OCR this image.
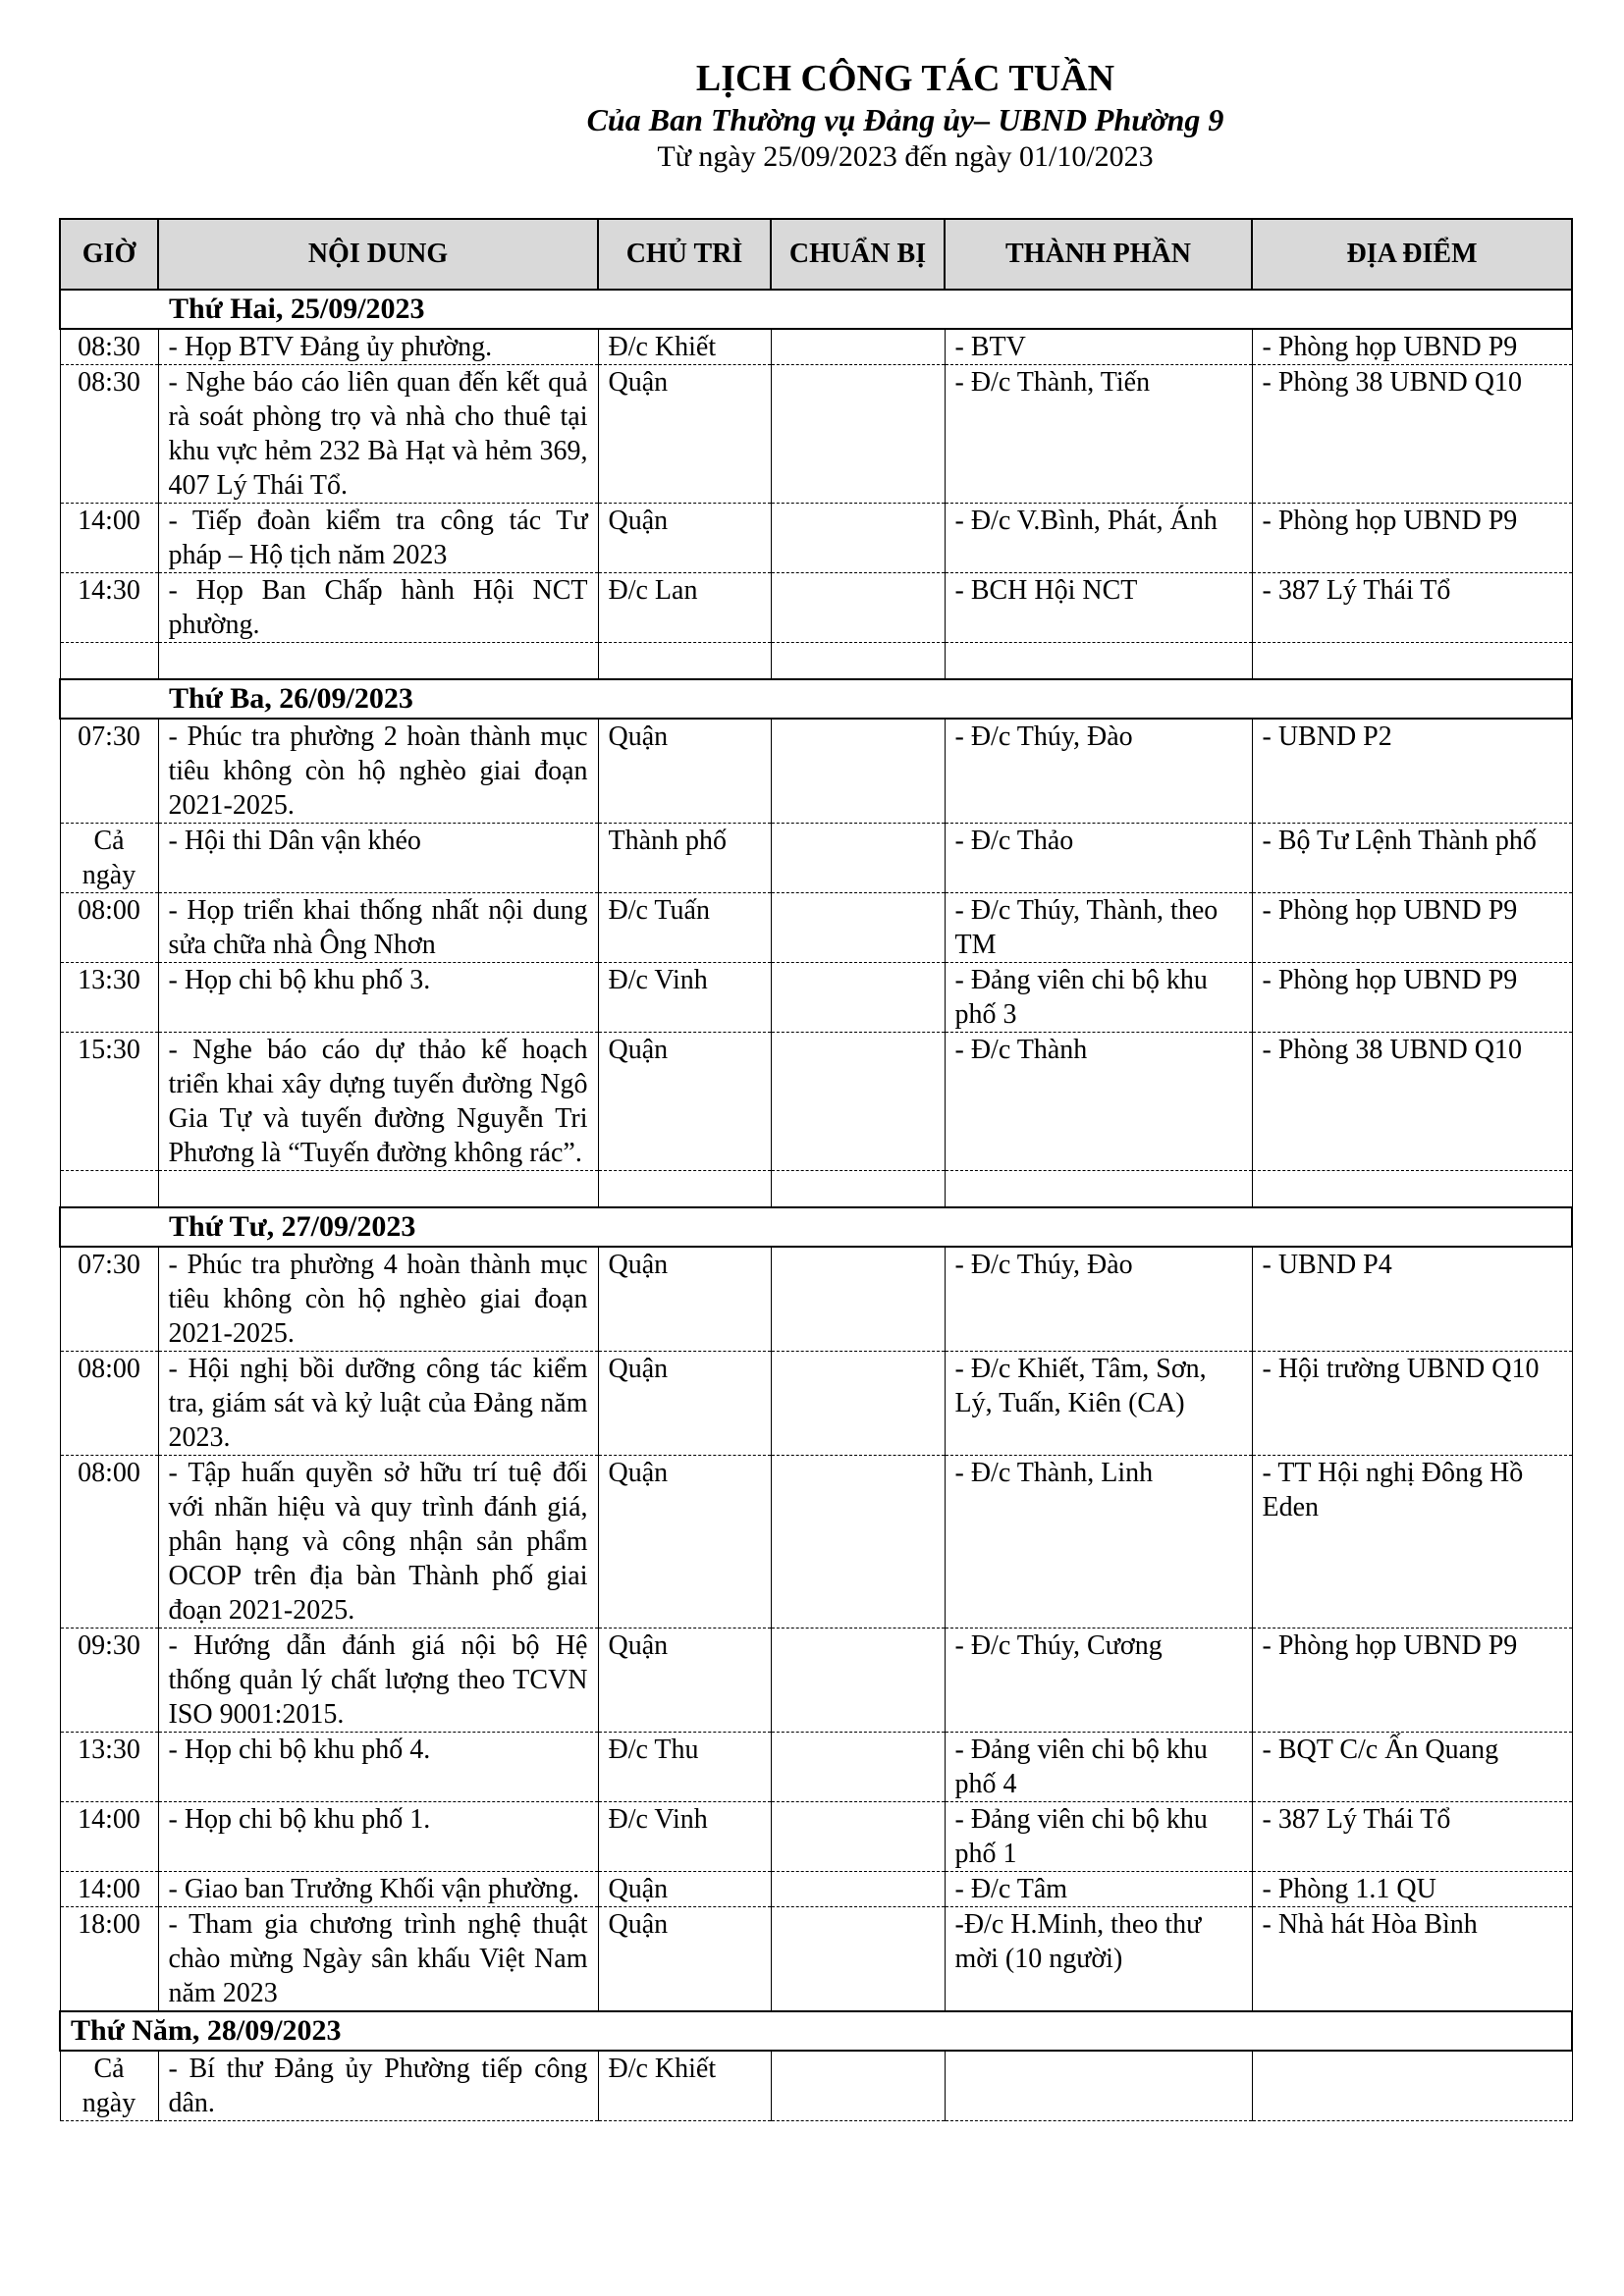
LỊCH CÔNG TÁC TUẦN
Của Ban Thường vụ Đảng ủy– UBND Phường 9
Từ ngày 25/09/2023 đến ngày 01/10/2023
GIỜ	NỘI DUNG	CHỦ TRÌ	CHUẨN BỊ	THÀNH PHẦN	ĐỊA ĐIỂM
Thứ Hai, 25/09/2023					
08:30	- Họp BTV Đảng ủy phường.	Đ/c Khiết		- BTV	- Phòng họp UBND P9
08:30	- Nghe báo cáo liên quan đến kết quả rà soát phòng trọ và nhà cho thuê tại khu vực hẻm 232 Bà Hạt và hẻm 369, 407 Lý Thái Tổ.	Quận		- Đ/c Thành, Tiến	- Phòng 38 UBND Q10
14:00	- Tiếp đoàn kiểm tra công tác Tư pháp – Hộ tịch năm 2023	Quận		- Đ/c V.Bình, Phát, Ánh	- Phòng họp UBND P9
14:30	- Họp Ban Chấp hành Hội NCT phường.	Đ/c Lan		- BCH Hội NCT	- 387 Lý Thái Tổ

Thứ Ba, 26/09/2023					
07:30	- Phúc tra phường 2 hoàn thành mục tiêu không còn hộ nghèo giai đoạn 2021-2025.	Quận		- Đ/c Thúy, Đào	- UBND P2
Cả ngày	- Hội thi Dân vận khéo	Thành phố		- Đ/c Thảo	- Bộ Tư Lệnh Thành phố
08:00	- Họp triển khai thống nhất nội dung sửa chữa nhà Ông Nhơn	Đ/c Tuấn		- Đ/c Thúy, Thành, theo TM	- Phòng họp UBND P9
13:30	- Họp chi bộ khu phố 3.	Đ/c Vinh		- Đảng viên chi bộ khu phố 3	- Phòng họp UBND P9
15:30	- Nghe báo cáo dự thảo kế hoạch triển khai xây dựng tuyến đường Ngô Gia Tự và tuyến đường Nguyễn Tri Phương là “Tuyến đường không rác”.	Quận		- Đ/c Thành	- Phòng 38 UBND Q10

Thứ Tư, 27/09/2023					
07:30	- Phúc tra phường 4 hoàn thành mục tiêu không còn hộ nghèo giai đoạn 2021-2025.	Quận		- Đ/c Thúy, Đào	- UBND P4
08:00	- Hội nghị bồi dưỡng công tác kiểm tra, giám sát và kỷ luật của Đảng năm 2023.	Quận		- Đ/c Khiết, Tâm, Sơn, Lý, Tuấn, Kiên (CA)	- Hội trường UBND Q10
08:00	- Tập huấn quyền sở hữu trí tuệ đối với nhãn hiệu và quy trình đánh giá, phân hạng và công nhận sản phẩm OCOP trên địa bàn Thành phố giai đoạn 2021-2025.	Quận		- Đ/c Thành, Linh	- TT Hội nghị Đông Hồ Eden
09:30	- Hướng dẫn đánh giá nội bộ Hệ thống quản lý chất lượng theo TCVN ISO 9001:2015.	Quận		- Đ/c Thúy, Cương	- Phòng họp UBND P9
13:30	- Họp chi bộ khu phố 4.	Đ/c Thu		- Đảng viên chi bộ khu phố 4	- BQT C/c Ấn Quang
14:00	- Họp chi bộ khu phố 1.	Đ/c Vinh		- Đảng viên chi bộ khu phố 1	- 387 Lý Thái Tổ
14:00	- Giao ban Trưởng Khối vận phường.	Quận		- Đ/c Tâm	- Phòng 1.1 QU
18:00	- Tham gia chương trình nghệ thuật chào mừng Ngày sân khấu Việt Nam năm 2023	Quận		-Đ/c H.Minh, theo thư mời (10 người)	- Nhà hát Hòa Bình
Thứ Năm, 28/09/2023					
Cả ngày	- Bí thư Đảng ủy Phường tiếp công dân.	Đ/c Khiết			
